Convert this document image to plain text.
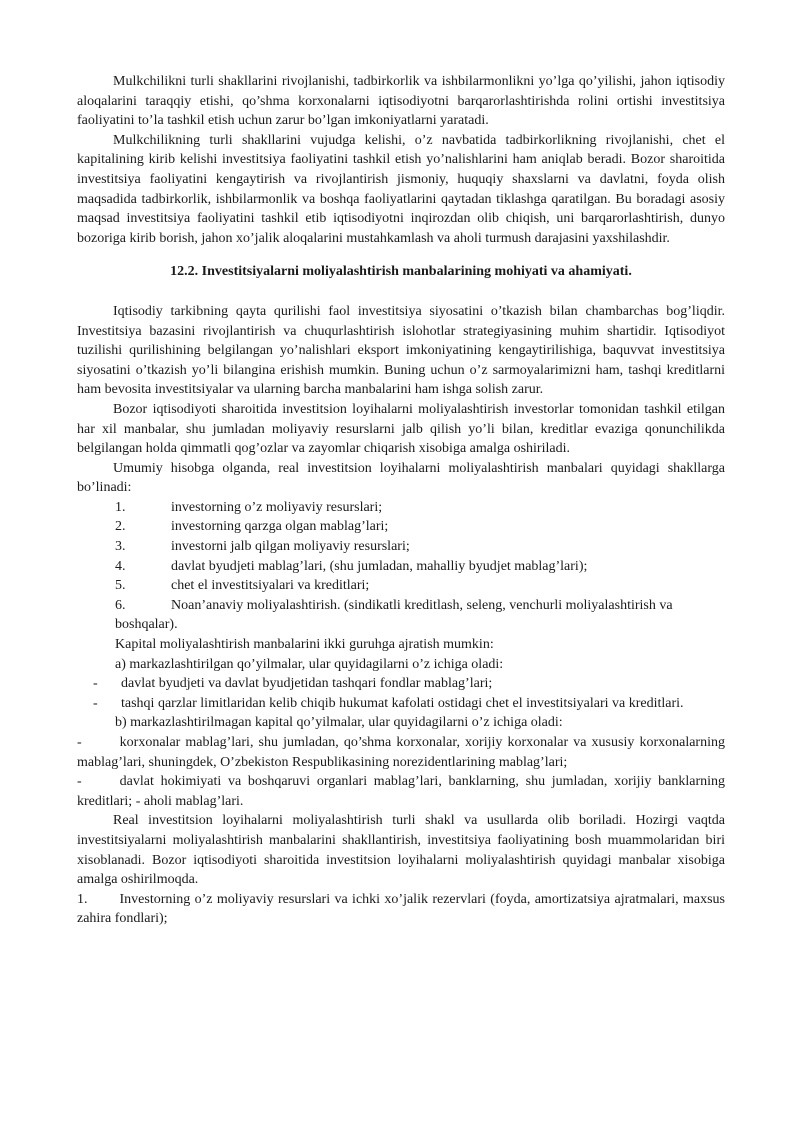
Mulkchilikni turli shakllarini rivojlanishi, tadbirkorlik va ishbilarmonlikni yo’lga qo’yilishi, jahon iqtisodiy aloqalarini taraqqiy etishi, qo’shma korxonalarni iqtisodiyotni barqarorlashtirishda rolini ortishi investitsiya faoliyatini to’la tashkil etish uchun zarur bo’lgan imkoniyatlarni yaratadi.

Mulkchilikning turli shakllarini vujudga kelishi, o’z navbatida tadbirkorlikning rivojlanishi, chet el kapitalining kirib kelishi investitsiya faoliyatini tashkil etish yo’nalishlarini ham aniqlab beradi. Bozor sharoitida investitsiya faoliyatini kengaytirish va rivojlantirish jismoniy, huquqiy shaxslarni va davlatni, foyda olish maqsadida tadbirkorlik, ishbilarmonlik va boshqa faoliyatlarini qaytadan tiklashga qaratilgan. Bu boradagi asosiy maqsad investitsiya faoliyatini tashkil etib iqtisodiyotni inqirozdan olib chiqish, uni barqarorlashtirish, dunyo bozoriga kirib borish, jahon xo’jalik aloqalarini mustahkamlash va aholi turmush darajasini yaxshilashdir.

12.2. Investitsiyalarni moliyalashtirish manbalarining mohiyati va ahamiyati.

Iqtisodiy tarkibning qayta qurilishi faol investitsiya siyosatini o’tkazish bilan chambarchas bog’liqdir. Investitsiya bazasini rivojlantirish va chuqurlashtirish islohotlar strategiyasining muhim shartidir. Iqtisodiyot tuzilishi qurilishining belgilangan yo’nalishlari eksport imkoniyatining kengaytirilishiga, baquvvat investitsiya siyosatini o’tkazish yo’li bilangina erishish mumkin. Buning uchun o’z sarmoyalarimizni ham, tashqi kreditlarni ham bevosita investitsiyalar va ularning barcha manbalarini ham ishga solish zarur.

Bozor iqtisodiyoti sharoitida investitsion loyihalarni moliyalashtirish investorlar tomonidan tashkil etilgan har xil manbalar, shu jumladan moliyaviy resurslarni jalb qilish yo’li bilan, kreditlar evaziga qonunchilikda belgilangan holda qimmatli qog’ozlar va zayomlar chiqarish xisobiga amalga oshiriladi.

Umumiy hisobga olganda, real investitsion loyihalarni moliyalashtirish manbalari quyidagi shakllarga bo’linadi:

1.	investorning o’z moliyaviy resurslari;
2.	investorning qarzga olgan mablag’lari;
3.	investorni jalb qilgan moliyaviy resurslari;
4.	davlat byudjeti mablag’lari, (shu jumladan, mahalliy byudjet mablag’lari);
5.	chet el investitsiyalari va kreditlari;
6.	Noan’anaviy moliyalashtirish. (sindikatli kreditlash, seleng, venchurli moliyalashtirish va boshqalar).

Kapital moliyalashtirish manbalarini ikki guruhga ajratish mumkin:

a) markazlashtirilgan qo’yilmalar, ular quyidagilarni o’z ichiga oladi:

-	davlat byudjeti va davlat byudjetidan tashqari fondlar mablag’lari;
-	tashqi qarzlar limitlaridan kelib chiqib hukumat kafolati ostidagi chet el investitsiyalari va kreditlari.

b) markazlashtirilmagan kapital qo’yilmalar, ular quyidagilarni o’z ichiga oladi:

-	korxonalar mablag’lari, shu jumladan, qo’shma korxonalar, xorijiy korxonalar va xususiy korxonalarning mablag’lari, shuningdek, O’zbekiston Respublikasining norezidentlarining mablag’lari;

-	davlat hokimiyati va boshqaruvi organlari mablag’lari, banklarning, shu jumladan, xorijiy banklarning kreditlari; - aholi mablag’lari.

Real investitsion loyihalarni moliyalashtirish turli shakl va usullarda olib boriladi. Hozirgi vaqtda investitsiyalarni moliyalashtirish manbalarini shakllantirish, investitsiya faoliyatining bosh muammolaridan biri xisoblanadi. Bozor iqtisodiyoti sharoitida investitsion loyihalarni moliyalashtirish quyidagi manbalar xisobiga amalga oshirilmoqda.

1. Investorning o’z moliyaviy resurslari va ichki xo’jalik rezervlari (foyda, amortizatsiya ajratmalari, maxsus zahira fondlari);
